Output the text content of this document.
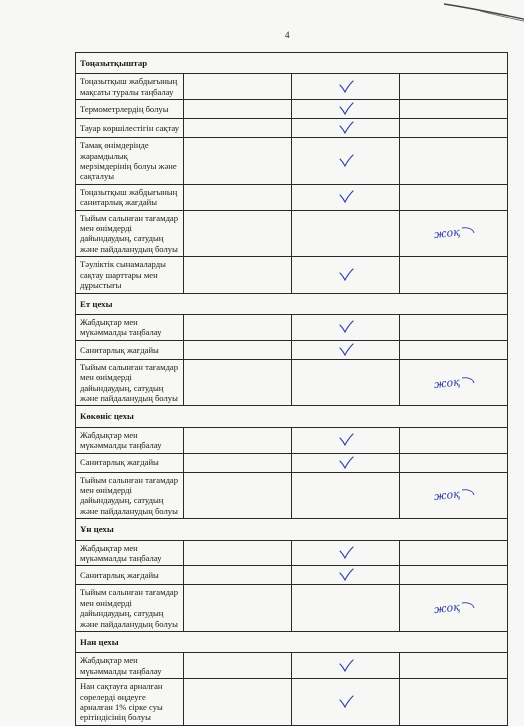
4
Тоңазытқыштар			
Тоңазытқыш жабдығының мақсаты туралы таңбалау		

Термометрлердің болуы		

Тауар көршілестігін сақтау		

Тамақ өнімдерінде жарамдылық мерзімдерінің болуы және сақталуы		

Тоңазытқыш жабдығының санитарлық жағдайы		

Тыйым салынған тағамдар мен өнімдерді дайындаудың, сатудың және пайдаланудың болуы			жоқ

Тәуліктік сынамаларды сақтау шарттары мен дұрыстығы		

Ет цехы			
Жабдықтар мен мүкәммалды таңбалау		

Санитарлық жағдайы		

Тыйым салынған тағамдар мен өнімдерді дайындаудың, сатудың және пайдаланудың болуы			жоқ

Көкөніс цехы			
Жабдықтар мен мүкәммалды таңбалау		

Санитарлық жағдайы		

Тыйым салынған тағамдар мен өнімдерді дайындаудың, сатудың және пайдаланудың болуы			жоқ

Ұн цехы			
Жабдықтар мен мүкәммалды таңбалау		

Санитарлық жағдайы		

Тыйым салынған тағамдар мен өнімдерді дайындаудың, сатудың және пайдаланудың болуы			жоқ

Нан цехы			
Жабдықтар мен мүкәммалды таңбалау		

Нан сақтауға арналған сөрелерді өңдеуге арналған 1% сірке суы ерітіндісінің болуы		
